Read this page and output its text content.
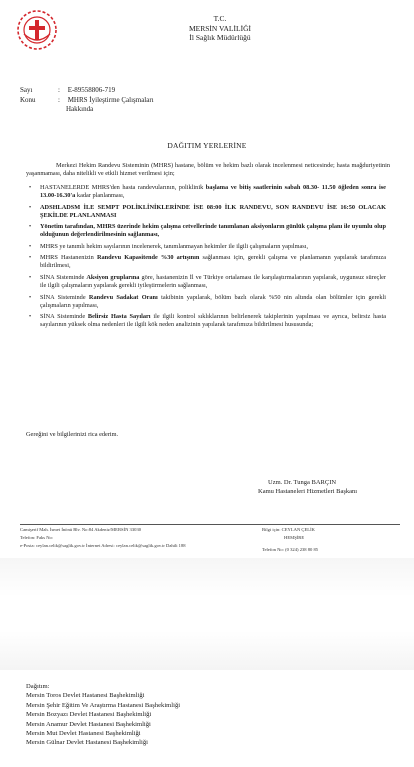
T.C.
MERSİN VALİLİĞİ
İl Sağlık Müdürlüğü
Sayı	: E-89558806-719
Konu	: MHRS İyileştirme Çalışmaları
Hakkında
DAĞITIM YERLERİNE
Merkezi Hekim Randevu Sisteminin (MHRS) hastane, bölüm ve hekim bazlı olarak incelenmesi neticesinde; hasta mağduriyetinin yaşanmaması, daha nitelikli ve etkili hizmet verilmesi için;
• HASTANELERDE MHRS'den hasta randevularının, poliklinik başlama ve bitiş saatlerinin sabah 08.30- 11.50 öğleden sonra ise 13.00-16.30'a kadar planlanması,
• ADSHLADSM İLE SEMPT POLİKLİNİKLERİNDE İSE 08:00 İLK RANDEVU, SON RANDEVU İSE 16:50 OLACAK ŞEKİLDE PLANLANMASI
• Yönetim tarafından, MHRS üzerinde hekim çalışma cetvellerinde tanımlanan aksiyonların günlük çalışma planı ile uyumlu olup olduğunun değerlendirilmesinin sağlanması,
• MHRS ye tanımlı hekim sayılarının incelenerek, tanımlanmayan hekimler ile ilgili çalışmaların yapılması,
• MHRS Hastanenizin Randevu Kapasitende %30 artışının sağlanması için, gerekli çalışma ve planlamanın yapılarak tarafımıza bildirilmesi,
• SİNA Sisteminde Aksiyon gruplarına göre, hastanenizin İl ve Türkiye ortalaması ile karşılaştırmalarının yapılarak, uygunsuz süreçler ile ilgili çalışmaların yapılarak gerekli iyileştirmelerin sağlanması,
• SİNA Sisteminde Randevu Sadakat Oranı takibinin yapılarak, bölüm bazlı olarak %50 nin altında olan bölümler için gerekli çalışmaların yapılması,
• SİNA Sisteminde Belirsiz Hasta Sayıları ile ilgili kontrol sıklıklarının belirlenerek takiplerinin yapılması ve ayrıca, belirsiz hasta sayılarının yüksek olma nedenleri ile ilgili kök neden analizinin yapılarak tarafımıza bildirilmesi hususunda;
Gereğini ve bilgilerinizi rica ederim.
Uzm. Dr. Tunga BARÇIN
Kamu Hastaneleri Hizmetleri Başkanı
Camişerif Mah. İsmet İnönü Blv. No:84 Akdeniz/MERSİN 33030
Telefon: Faks No:
e-Posta: ceylan.celik@saglik.gov.tr İnternet Adresi: ceylan.celik@saglik.gov.tr Dahili 188
Bilgi için: CEYLAN ÇELİK
HEMŞİRE
Telefon No: (0 324) 238 80 85
Dağıtım:
Mersin Toros Devlet Hastanesi Başhekimliği
Mersin Şehir Eğitim Ve Araştırma Hastanesi Başhekimliği
Mersin Bozyazı Devlet Hastanesi Başhekimliği
Mersin Anamur Devlet Hastanesi Başhekimliği
Mersin Mut Devlet Hastanesi Başhekimliği
Mersin Gülnar Devlet Hastanesi Başhekimliği
